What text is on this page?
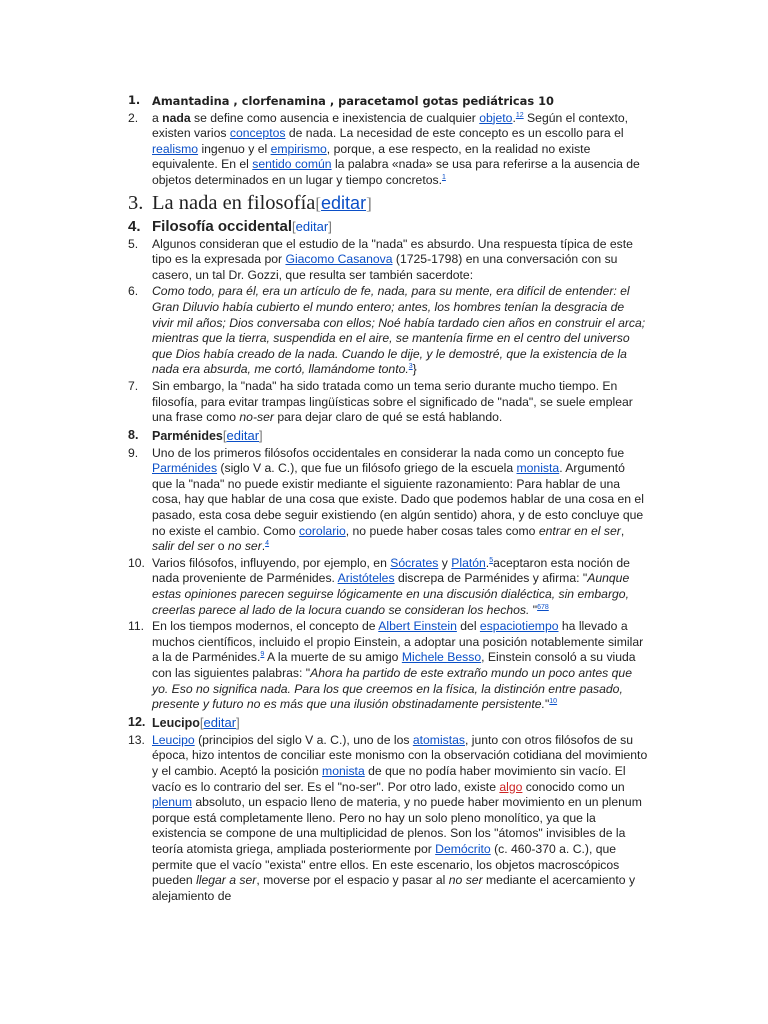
1.	Amantadina , clorfenamina , paracetamol gotas pediátricas 10
2.	a nada se define como ausencia e inexistencia de cualquier objeto.$^{12}$ Según el contexto, existen varios conceptos de nada. La necesidad de este concepto es un escollo para el realismo ingenuo y el empirismo, porque, a ese respecto, en la realidad no existe equivalente. En el sentido común la palabra «nada» se usa para referirse a la ausencia de objetos determinados en un lugar y tiempo concretos.$^1$
3. La nada en filosofía[editar]
4. Filosofía occidental[editar]
5.	Algunos consideran que el estudio de la "nada" es absurdo. Una respuesta típica de este tipo es la expresada por Giacomo Casanova (1725-1798) en una conversación con su casero, un tal Dr. Gozzi, que resulta ser también sacerdote:
6.	Como todo, para él, era un artículo de fe, nada, para su mente, era difícil de entender: el Gran Diluvio había cubierto el mundo entero; antes, los hombres tenían la desgracia de vivir mil años; Dios conversaba con ellos; Noé había tardado cien años en construir el arca; mientras que la tierra, suspendida en el aire, se mantenía firme en el centro del universo que Dios había creado de la nada. Cuando le dije, y le demostré, que la existencia de la nada era absurda, me cortó, llamándome tonto.$^3$}
7.	Sin embargo, la "nada" ha sido tratada como un tema serio durante mucho tiempo. En filosofía, para evitar trampas lingüísticas sobre el significado de "nada", se suele emplear una frase como no-ser para dejar claro de qué se está hablando.
8.	Parménides[editar]
9.	Uno de los primeros filósofos occidentales en considerar la nada como un concepto fue Parménides (siglo V a. C.), que fue un filósofo griego de la escuela monista. Argumentó que la "nada" no puede existir mediante el siguiente razonamiento: Para hablar de una cosa, hay que hablar de una cosa que existe. Dado que podemos hablar de una cosa en el pasado, esta cosa debe seguir existiendo (en algún sentido) ahora, y de esto concluye que no existe el cambio. Como corolario, no puede haber cosas tales como entrar en el ser, salir del ser o no ser.$^4$
10. Varios filósofos, influyendo, por ejemplo, en Sócrates y Platón.$^5$aceptaron esta noción de nada proveniente de Parménides. Aristóteles discrepa de Parménides y afirma: "Aunque estas opiniones parecen seguirse lógicamente en una discusión dialéctica, sin embargo, creerlas parece al lado de la locura cuando se consideran los hechos. "$^{678}$
11. En los tiempos modernos, el concepto de Albert Einstein del espaciotiempo ha llevado a muchos científicos, incluido el propio Einstein, a adoptar una posición notablemente similar a la de Parménides.$^9$ A la muerte de su amigo Michele Besso, Einstein consoló a su viuda con las siguientes palabras: "Ahora ha partido de este extraño mundo un poco antes que yo. Eso no significa nada. Para los que creemos en la física, la distinción entre pasado, presente y futuro no es más que una ilusión obstinadamente persistente."$^{10}$
12. Leucipo[editar]
13. Leucipo (principios del siglo V a. C.), uno de los atomistas, junto con otros filósofos de su época, hizo intentos de conciliar este monismo con la observación cotidiana del movimiento y el cambio. Aceptó la posición monista de que no podía haber movimiento sin vacío. El vacío es lo contrario del ser. Es el "no-ser". Por otro lado, existe algo conocido como un plenum absoluto, un espacio lleno de materia, y no puede haber movimiento en un plenum porque está completamente lleno. Pero no hay un solo pleno monolítico, ya que la existencia se compone de una multiplicidad de plenos. Son los "átomos" invisibles de la teoría atomista griega, ampliada posteriormente por Demócrito (c. 460-370 a. C.), que permite que el vacío "exista" entre ellos. En este escenario, los objetos macroscópicos pueden llegar a ser, moverse por el espacio y pasar al no ser mediante el acercamiento y alejamiento de
